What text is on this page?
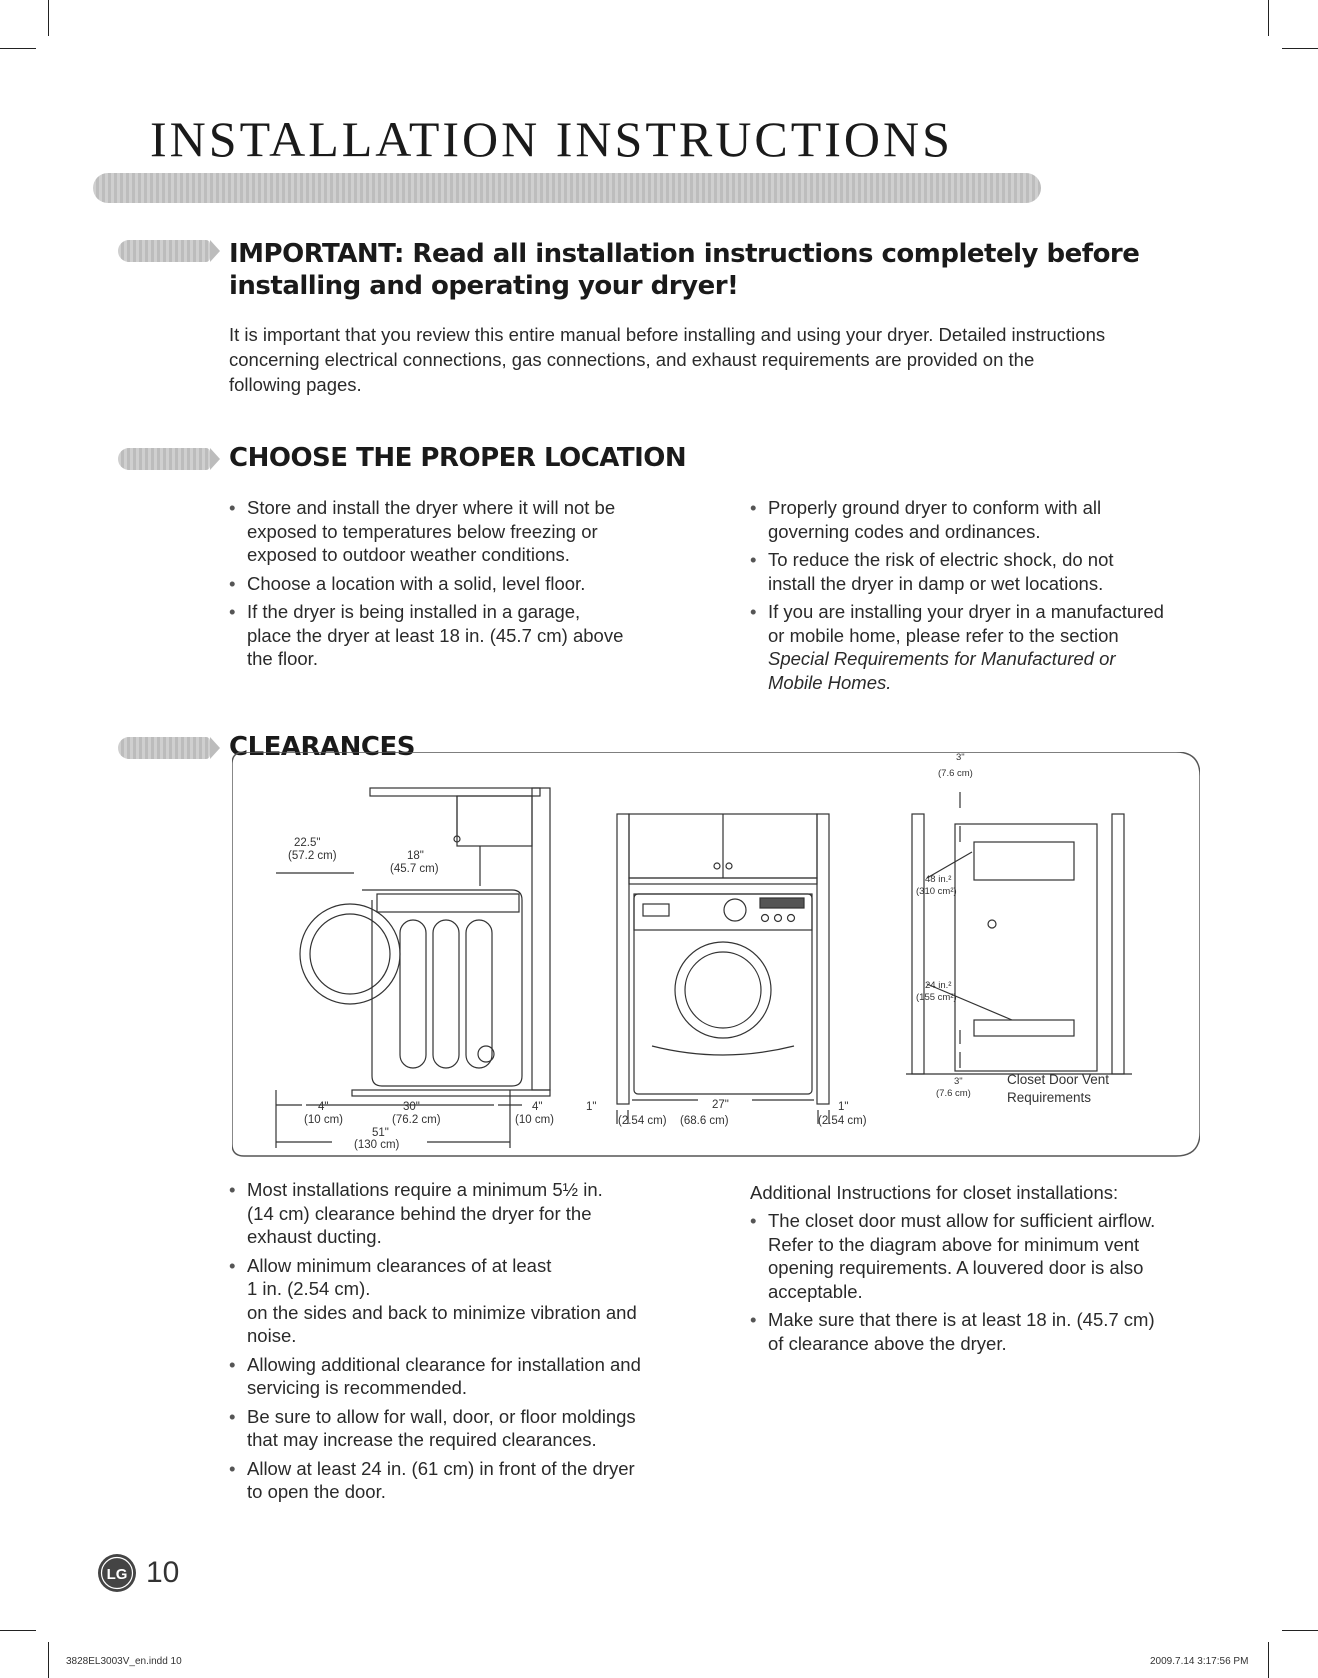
INSTALLATION INSTRUCTIONS
IMPORTANT: Read all installation instructions completely before
installing and operating your dryer!

It is important that you review this entire manual before installing and using your dryer. Detailed instructions
concerning electrical connections, gas connections, and exhaust requirements are provided on the
following pages.

CHOOSE THE PROPER LOCATION
• Store and install the dryer where it will not be
exposed to temperatures below freezing or
exposed to outdoor weather conditions.
• Choose a location with a solid, level floor.
• If the dryer is being installed in a garage,
place the dryer at least 18 in. (45.7 cm) above
the floor.
• Properly ground dryer to conform with all
governing codes and ordinances.
• To reduce the risk of electric shock, do not
install the dryer in damp or wet locations.
• If you are installing your dryer in a manufactured
or mobile home, please refer to the section
Special Requirements for Manufactured or
Mobile Homes.
CLEARANCES
22.5"
(57.2 cm)	18"
(45.7 cm)
4"
(10 cm)
30"
(76.2 cm)
4"
(10 cm)
51"
(130 cm)
1"
(2.54 cm)
27"
(68.6 cm)
1"
(2.54 cm)
3"
(7.6 cm)
48 in.²
(310 cm²)
24 in.²
(155 cm²)
3"
(7.6 cm)
Closet Door Vent
Requirements
• Most installations require a minimum 5½ in.
(14 cm) clearance behind the dryer for the
exhaust ducting.
• Allow minimum clearances of at least
1 in. (2.54 cm).
on the sides and back to minimize vibration and
noise.
• Allowing additional clearance for installation and
servicing is recommended.
• Be sure to allow for wall, door, or floor moldings
that may increase the required clearances.
• Allow at least 24 in. (61 cm) in front of the dryer
to open the door.

Additional Instructions for closet installations:

• The closet door must allow for sufficient airflow.
Refer to the diagram above for minimum vent
opening requirements. A louvered door is also
acceptable.
• Make sure that there is at least 18 in. (45.7 cm)
of clearance above the dryer.
LG 10
3828EL3003V_en.indd 10	2009.7.14 3:17:56 PM
